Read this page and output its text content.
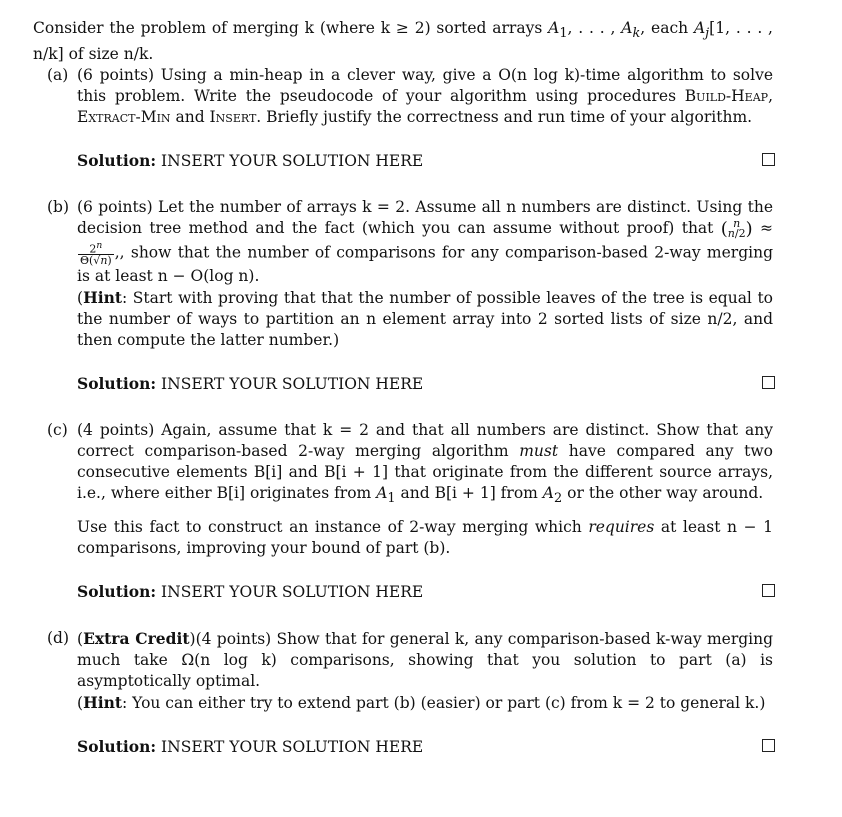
Consider the problem of merging k (where k ≥ 2) sorted arrays $A_1$, . . . , $A_k$, each $A_j[1$, . . . , n/k] of size n/k.

(a) (6 points) Using a min-heap in a clever way, give a O(n log k)-time algorithm to solve this problem. Write the pseudocode of your algorithm using procedures Build-Heap, Extract-Min and Insert. Briefly justify the correctness and run time of your algorithm.

Solution: INSERT YOUR SOLUTION HERE
(b) (6 points) Let the number of arrays k = 2. Assume all n numbers are distinct. Using the decision tree method and the fact (which you can assume without proof) that ( n
n/2) ≈
$\frac{2^n}{\Theta(√n)}$ ,, show that the number of comparisons for any comparison-based 2-way merging is at least n − O(log n).

(Hint: Start with proving that that the number of possible leaves of the tree is equal to the number of ways to partition an n element array into 2 sorted lists of size n/2, and then compute the latter number.)

Solution: INSERT YOUR SOLUTION HERE
(c) (4 points) Again, assume that k = 2 and that all numbers are distinct. Show that any correct comparison-based 2-way merging algorithm must have compared any two consecutive elements B[i] and B[i + 1] that originate from the different source arrays, i.e., where either B[i] originates from $A_1$ and B[i + 1] from $A_2$ or the other way around.

Use this fact to construct an instance of 2-way merging which requires at least n − 1 comparisons, improving your bound of part (b).

Solution: INSERT YOUR SOLUTION HERE
(d) (Extra Credit)(4 points) Show that for general k, any comparison-based k-way merging much take Ω(n log k) comparisons, showing that you solution to part (a) is asymptotically optimal.

(Hint: You can either try to extend part (b) (easier) or part (c) from k = 2 to general k.)

Solution: INSERT YOUR SOLUTION HERE
